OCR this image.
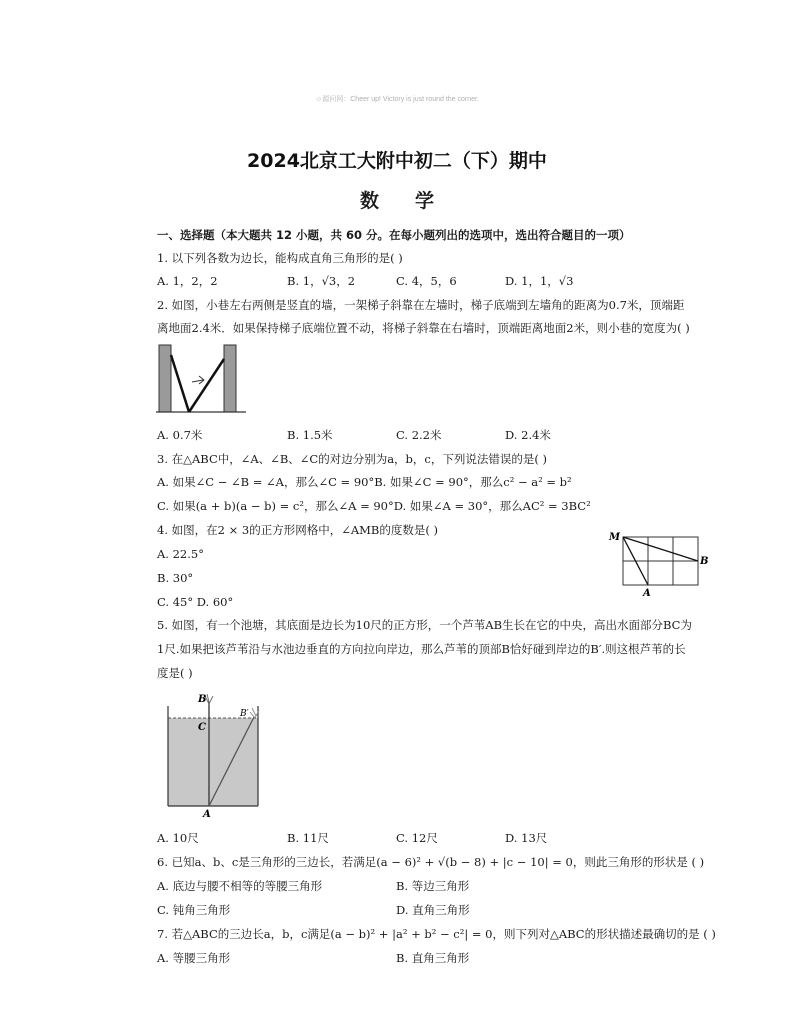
☺源问网：Cheer up! Victory is just round the corner.
2024北京工大附中初二（下）期中
数学
一、选择题（本大题共 12 小题，共 60 分。在每小题列出的选项中，选出符合题目的一项）
1. 以下列各数为边长，能构成直角三角形的是( )
A. 1，2，2	B. 1，√3，2	C. 4，5，6	D. 1，1，√3
2. 如图，小巷左右两侧是竖直的墙，一架梯子斜靠在左墙时，梯子底端到左墙角的距离为0.7米，顶端距
离地面2.4米．如果保持梯子底端位置不动，将梯子斜靠在右墙时，顶端距离地面2米，则小巷的宽度为( )
A. 0.7米	B. 1.5米	C. 2.2米	D. 2.4米
3. 在△ABC中，∠A、∠B、∠C的对边分别为a，b，c，下列说法错误的是( )
A. 如果∠C − ∠B = ∠A，那么∠C = 90°B. 如果∠C = 90°，那么c² − a² = b²
C. 如果(a + b)(a − b) = c²，那么∠A = 90°D. 如果∠A = 30°，那么AC² = 3BC²
4. 如图，在2 × 3的正方形网格中，∠AMB的度数是( )
A. 22.5°
B. 30°
C. 45° D. 60°
M
B
A
5. 如图，有一个池塘，其底面是边长为10尺的正方形，一个芦苇AB生长在它的中央，高出水面部分BC为
1尺.如果把该芦苇沿与水池边垂直的方向拉向岸边，那么芦苇的顶部B恰好碰到岸边的B′.则这根芦苇的长
度是( )
B
C
B′
A
A. 10尺	B. 11尺	C. 12尺	D. 13尺
6. 已知a、b、c是三角形的三边长，若满足(a − 6)² + √(b − 8) + |c − 10| = 0，则此三角形的形状是 ( )
A. 底边与腰不相等的等腰三角形	B. 等边三角形
C. 钝角三角形	D. 直角三角形
7. 若△ABC的三边长a，b，c满足(a − b)² + |a² + b² − c²| = 0，则下列对△ABC的形状描述最确切的是 ( )
A. 等腰三角形	B. 直角三角形
